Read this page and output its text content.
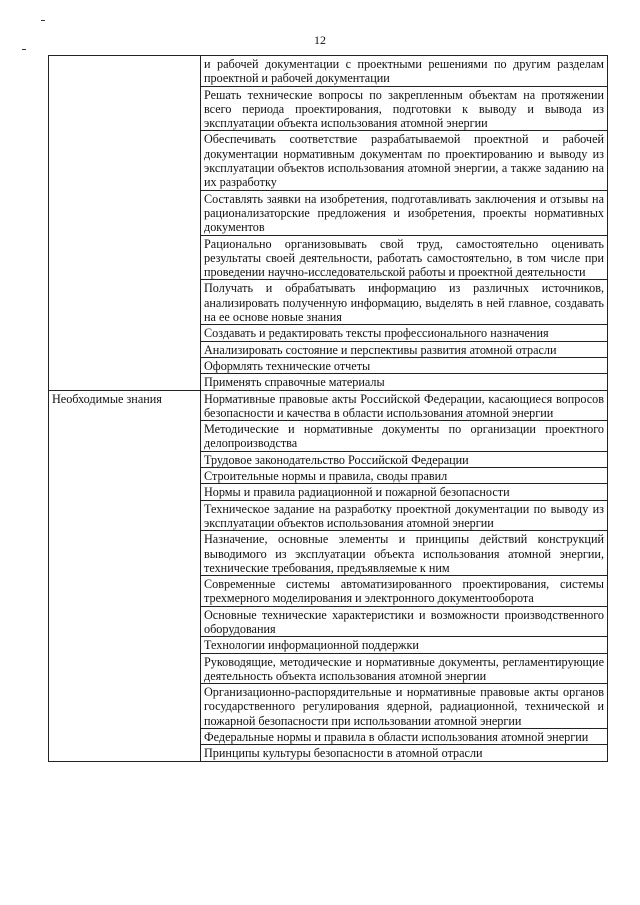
12
	и рабочей документации с проектными решениями по другим разделам проектной и рабочей документации
	Решать технические вопросы по закрепленным объектам на протяжении всего периода проектирования, подготовки к выводу и вывода из эксплуатации объекта использования атомной энергии
	Обеспечивать соответствие разрабатываемой проектной и рабочей документации нормативным документам по проектированию и выводу из эксплуатации объектов использования атомной энергии, а также заданию на их разработку
	Составлять заявки на изобретения, подготавливать заключения и отзывы на рационализаторские предложения и изобретения, проекты нормативных документов
	Рационально организовывать свой труд, самостоятельно оценивать результаты своей деятельности, работать самостоятельно, в том числе при проведении научно-исследовательской работы и проектной деятельности
	Получать и обрабатывать информацию из различных источников, анализировать полученную информацию, выделять в ней главное, создавать на ее основе новые знания
	Создавать и редактировать тексты профессионального назначения
	Анализировать состояние и перспективы развития атомной отрасли
	Оформлять технические отчеты
	Применять справочные материалы
Необходимые знания	Нормативные правовые акты Российской Федерации, касающиеся вопросов безопасности и качества в области использования атомной энергии
	Методические и нормативные документы по организации проектного делопроизводства
	Трудовое законодательство Российской Федерации
	Строительные нормы и правила, своды правил
	Нормы и правила радиационной и пожарной безопасности
	Техническое задание на разработку проектной документации по выводу из эксплуатации объектов использования атомной энергии
	Назначение, основные элементы и принципы действий конструкций выводимого из эксплуатации объекта использования атомной энергии, технические требования, предъявляемые к ним
	Современные системы автоматизированного проектирования, системы трехмерного моделирования и электронного документооборота
	Основные технические характеристики и возможности производственного оборудования
	Технологии информационной поддержки
	Руководящие, методические и нормативные документы, регламентирующие деятельность объекта использования атомной энергии
	Организационно-распорядительные и нормативные правовые акты органов государственного регулирования ядерной, радиационной, технической и пожарной безопасности при использовании атомной энергии
	Федеральные нормы и правила в области использования атомной энергии
	Принципы культуры безопасности в атомной отрасли
